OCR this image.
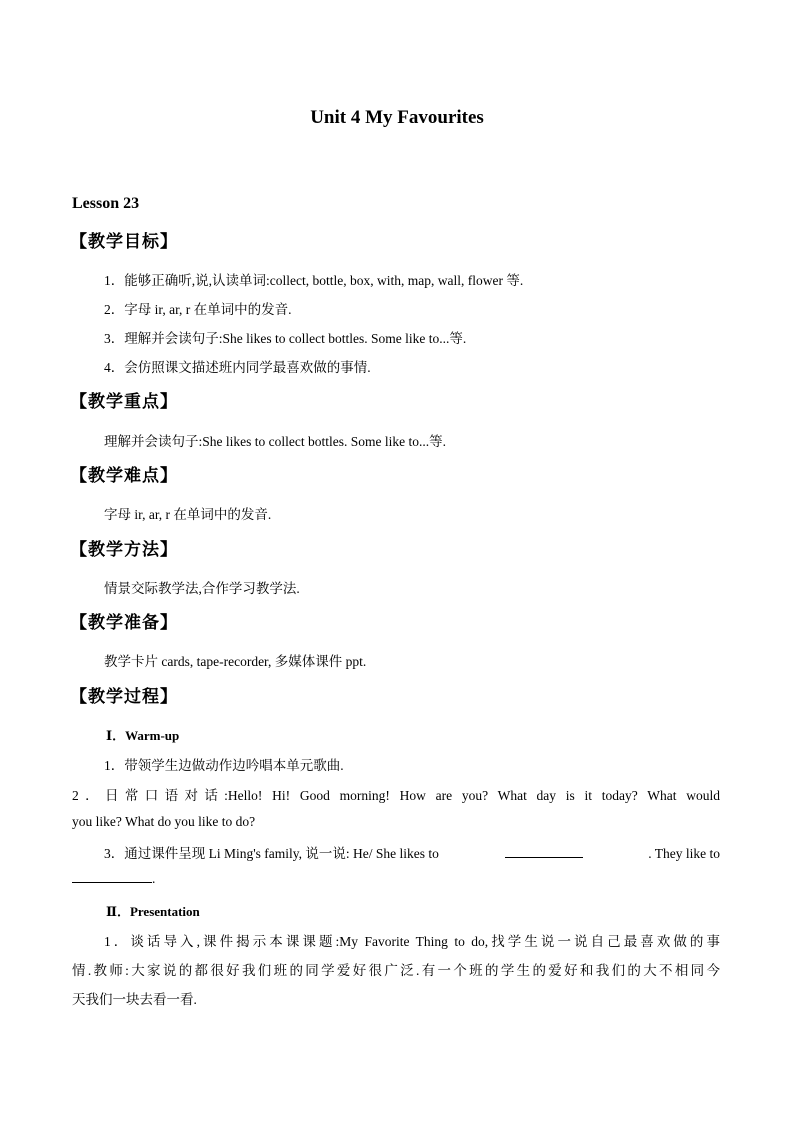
Unit 4 My Favourites
Lesson 23
【教学目标】
1．能够正确听,说,认读单词:collect, bottle, box, with, map, wall, flower 等.
2．字母 ir, ar, r 在单词中的发音.
3．理解并会读句子:She likes to collect bottles. Some like to...等.
4．会仿照课文描述班内同学最喜欢做的事情.
【教学重点】
理解并会读句子:She likes to collect bottles. Some like to...等.
【教学难点】
字母 ir, ar, r 在单词中的发音.
【教学方法】
情景交际教学法,合作学习教学法.
【教学准备】
教学卡片 cards, tape-recorder, 多媒体课件 ppt.
【教学过程】
Ⅰ．Warm-up
1．带领学生边做动作边吟唱本单元歌曲.
2．日常口语对话:Hello! Hi! Good morning! How are you? What day is it today? What would
you like? What do you like to do?
3．通过课件呈现 Li Ming's family, 说一说: He/ She likes to	. They like to
.
Ⅱ．Presentation
1．谈话导入,课件揭示本课课题:My Favorite Thing to do,找学生说一说自己最喜欢做的事
情.教师:大家说的都很好我们班的同学爱好很广泛.有一个班的学生的爱好和我们的大不相同今
天我们一块去看一看.
